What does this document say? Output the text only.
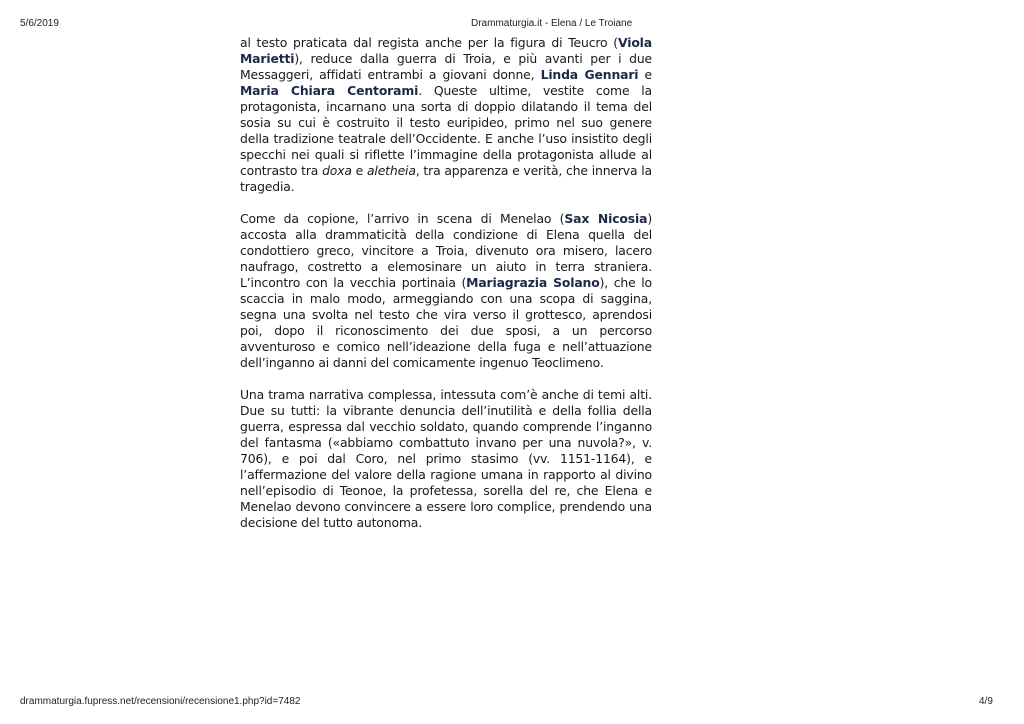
5/6/2019	Drammaturgia.it - Elena / Le Troiane

al testo praticata dal regista anche per la figura di Teucro (Viola Marietti), reduce dalla guerra di Troia, e più avanti per i due Messaggeri, affidati entrambi a giovani donne, Linda Gennari e Maria Chiara Centorami. Queste ultime, vestite come la protagonista, incarnano una sorta di doppio dilatando il tema del sosia su cui è costruito il testo euripideo, primo nel suo genere della tradizione teatrale dell’Occidente. E anche l’uso insistito degli specchi nei quali si riflette l’immagine della protagonista allude al contrasto tra doxa e aletheia, tra apparenza e verità, che innerva la tragedia.

Come da copione, l’arrivo in scena di Menelao (Sax Nicosia) accosta alla drammaticità della condizione di Elena quella del condottiero greco, vincitore a Troia, divenuto ora misero, lacero naufrago, costretto a elemosinare un aiuto in terra straniera. L’incontro con la vecchia portinaia (Mariagrazia Solano), che lo scaccia in malo modo, armeggiando con una scopa di saggina, segna una svolta nel testo che vira verso il grottesco, aprendosi poi, dopo il riconoscimento dei due sposi, a un percorso avventuroso e comico nell’ideazione della fuga e nell’attuazione dell’inganno ai danni del comicamente ingenuo Teoclimeno.

Una trama narrativa complessa, intessuta com’è anche di temi alti. Due su tutti: la vibrante denuncia dell’inutilità e della follia della guerra, espressa dal vecchio soldato, quando comprende l’inganno del fantasma («abbiamo combattuto invano per una nuvola?», v. 706), e poi dal Coro, nel primo stasimo (vv. 1151-1164), e l’affermazione del valore della ragione umana in rapporto al divino nell’episodio di Teonoe, la profetessa, sorella del re, che Elena e Menelao devono convincere a essere loro complice, prendendo una decisione del tutto autonoma.

drammaturgia.fupress.net/recensioni/recensione1.php?id=7482	4/9
